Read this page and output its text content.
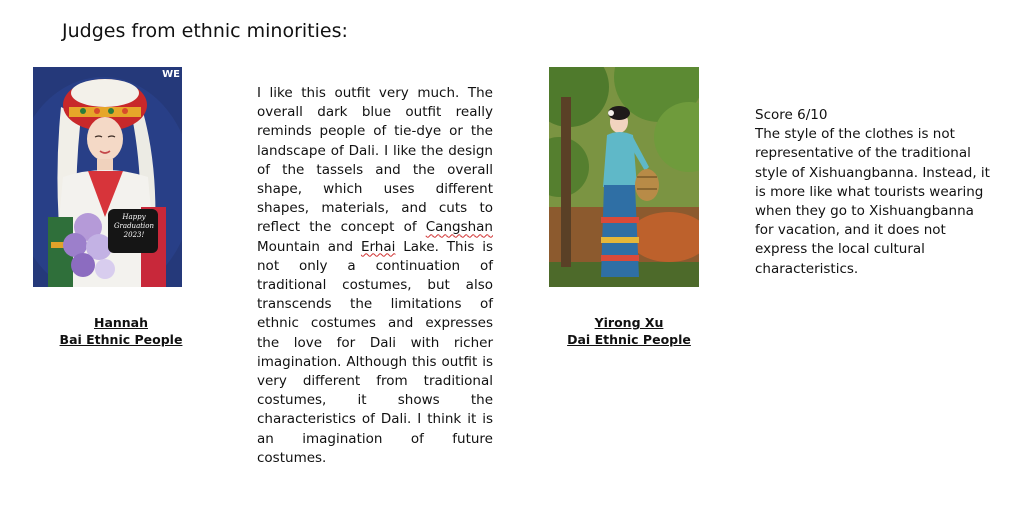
Judges from ethnic minorities:
WE
Happy
Graduation
2023!
Hannah
Bai Ethnic People

I like this outfit very much. The overall dark blue outfit really reminds people of tie-dye or the landscape of Dali. I like the design of the tassels and the overall shape, which uses different shapes, materials, and cuts to reflect the concept of Cangshan Mountain and Erhai Lake. This is not only a continuation of traditional costumes, but also transcends the limitations of ethnic costumes and expresses the love for Dali with richer imagination. Although this outfit is very different from traditional costumes, it shows the characteristics of Dali. I think it is an imagination of future costumes.

Yirong Xu
Dai Ethnic People
Score 6/10
The style of the clothes is not representative of the traditional style of Xishuangbanna. Instead, it is more like what tourists wearing when they go to Xishuangbanna for vacation, and it does not express the local cultural characteristics.
